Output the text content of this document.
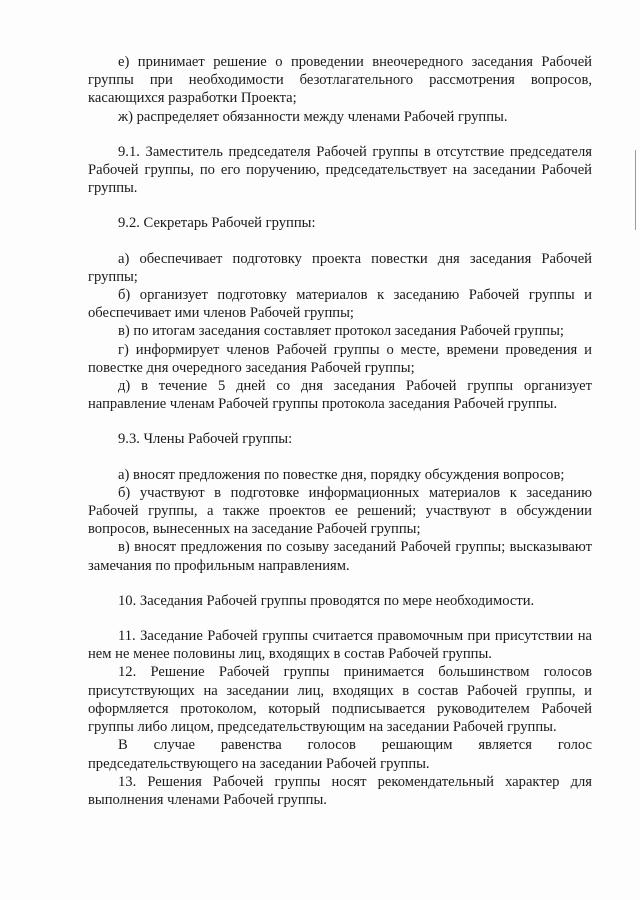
е) принимает решение о проведении внеочередного заседания Рабочей группы при необходимости безотлагательного рассмотрения вопросов, касающихся разработки Проекта;
ж) распределяет обязанности между членами Рабочей группы.
9.1. Заместитель председателя Рабочей группы в отсутствие председателя Рабочей группы, по его поручению, председательствует на заседании Рабочей группы.
9.2. Секретарь Рабочей группы:
а) обеспечивает подготовку проекта повестки дня заседания Рабочей группы;
б) организует подготовку материалов к заседанию Рабочей группы и обеспечивает ими членов Рабочей группы;
в) по итогам заседания составляет протокол заседания Рабочей группы;
г) информирует членов Рабочей группы о месте, времени проведения и повестке дня очередного заседания Рабочей группы;
д) в течение 5 дней со дня заседания Рабочей группы организует направление членам Рабочей группы протокола заседания Рабочей группы.
9.3. Члены Рабочей группы:
а) вносят предложения по повестке дня, порядку обсуждения вопросов;
б) участвуют в подготовке информационных материалов к заседанию Рабочей группы, а также проектов ее решений; участвуют в обсуждении вопросов, вынесенных на заседание Рабочей группы;
в) вносят предложения по созыву заседаний Рабочей группы; высказывают замечания по профильным направлениям.
10. Заседания Рабочей группы проводятся по мере необходимости.
11. Заседание Рабочей группы считается правомочным при присутствии на нем не менее половины лиц, входящих в состав Рабочей группы.
12. Решение Рабочей группы принимается большинством голосов присутствующих на заседании лиц, входящих в состав Рабочей группы, и оформляется протоколом, который подписывается руководителем Рабочей группы либо лицом, председательствующим на заседании Рабочей группы.
В случае равенства голосов решающим является голос председательствующего на заседании Рабочей группы.
13. Решения Рабочей группы носят рекомендательный характер для выполнения членами Рабочей группы.
